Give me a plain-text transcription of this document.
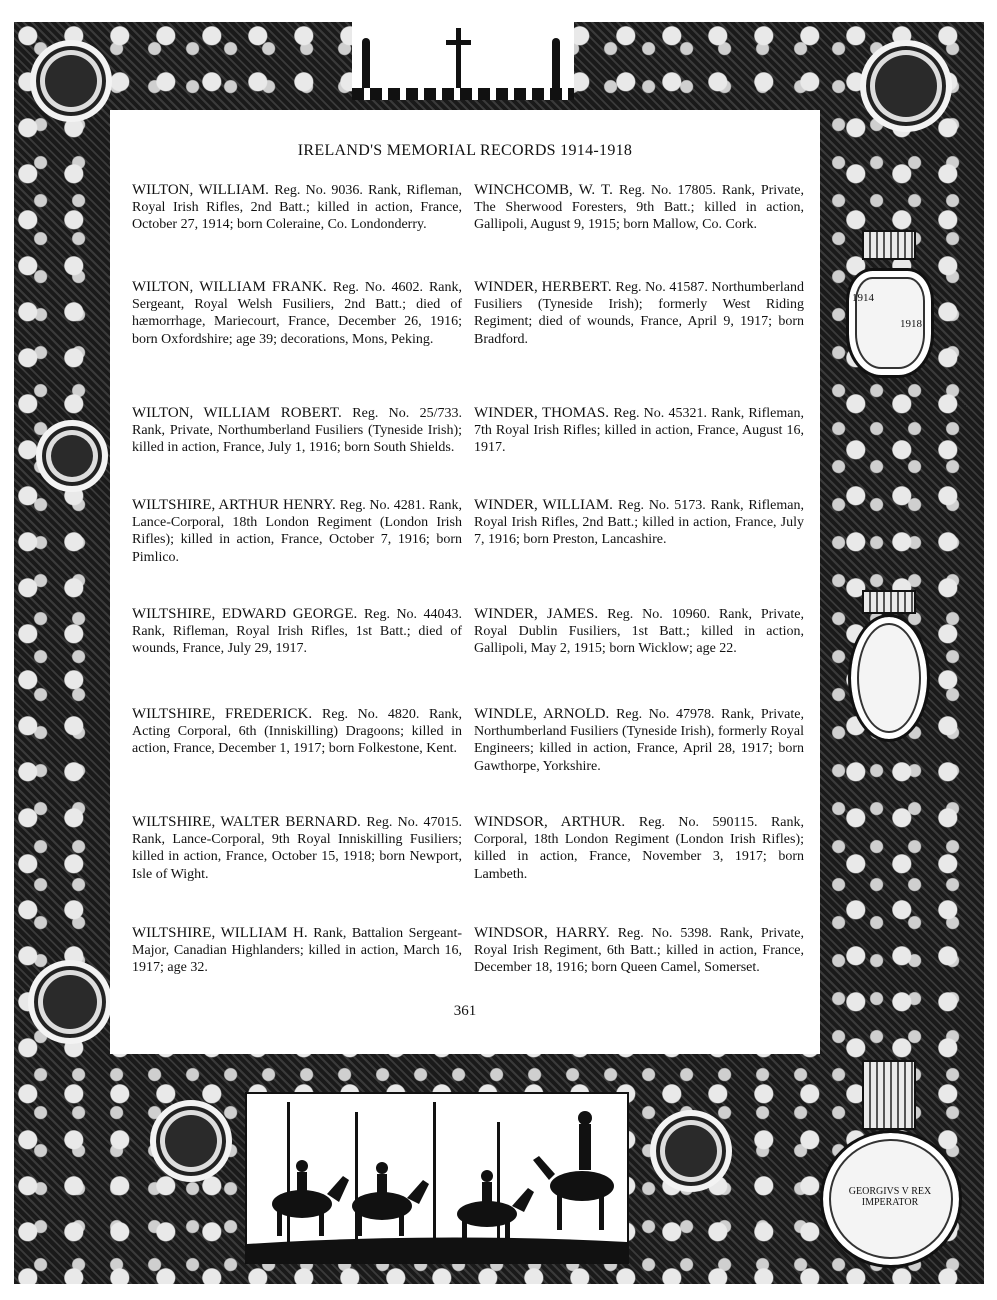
IRELAND'S MEMORIAL RECORDS 1914-1918
WILTON, WILLIAM. Reg. No. 9036. Rank, Rifleman, Royal Irish Rifles, 2nd Batt.; killed in action, France, October 27, 1914; born Coleraine, Co. Londonderry.
WILTON, WILLIAM FRANK. Reg. No. 4602. Rank, Sergeant, Royal Welsh Fusiliers, 2nd Batt.; died of hæmorrhage, Mariecourt, France, December 26, 1916; born Oxfordshire; age 39; decorations, Mons, Peking.
WILTON, WILLIAM ROBERT. Reg. No. 25/733. Rank, Private, Northumberland Fusiliers (Tyneside Irish); killed in action, France, July 1, 1916; born South Shields.
WILTSHIRE, ARTHUR HENRY. Reg. No. 4281. Rank, Lance-Corporal, 18th London Regiment (London Irish Rifles); killed in action, France, October 7, 1916; born Pimlico.
WILTSHIRE, EDWARD GEORGE. Reg. No. 44043. Rank, Rifleman, Royal Irish Rifles, 1st Batt.; died of wounds, France, July 29, 1917.
WILTSHIRE, FREDERICK. Reg. No. 4820. Rank, Acting Corporal, 6th (Inniskilling) Dragoons; killed in action, France, December 1, 1917; born Folkestone, Kent.
WILTSHIRE, WALTER BERNARD. Reg. No. 47015. Rank, Lance-Corporal, 9th Royal Inniskilling Fusiliers; killed in action, France, October 15, 1918; born Newport, Isle of Wight.
WILTSHIRE, WILLIAM H. Rank, Battalion Sergeant-Major, Canadian Highlanders; killed in action, March 16, 1917; age 32.
WINCHCOMB, W. T. Reg. No. 17805. Rank, Private, The Sherwood Foresters, 9th Batt.; killed in action, Gallipoli, August 9, 1915; born Mallow, Co. Cork.
WINDER, HERBERT. Reg. No. 41587. Northumberland Fusiliers (Tyneside Irish); formerly West Riding Regiment; died of wounds, France, April 9, 1917; born Bradford.
WINDER, THOMAS. Reg. No. 45321. Rank, Rifleman, 7th Royal Irish Rifles; killed in action, France, August 16, 1917.
WINDER, WILLIAM. Reg. No. 5173. Rank, Rifleman, Royal Irish Rifles, 2nd Batt.; killed in action, France, July 7, 1916; born Preston, Lancashire.
WINDER, JAMES. Reg. No. 10960. Rank, Private, Royal Dublin Fusiliers, 1st Batt.; killed in action, Gallipoli, May 2, 1915; born Wicklow; age 22.
WINDLE, ARNOLD. Reg. No. 47978. Rank, Private, Northumberland Fusiliers (Tyneside Irish), formerly Royal Engineers; killed in action, France, April 28, 1917; born Gawthorpe, Yorkshire.
WINDSOR, ARTHUR. Reg. No. 590115. Rank, Corporal, 18th London Regiment (London Irish Rifles); killed in action, France, November 3, 1917; born Lambeth.
WINDSOR, HARRY. Reg. No. 5398. Rank, Private, Royal Irish Regiment, 6th Batt.; killed in action, France, December 18, 1916; born Queen Camel, Somerset.
361
1914
1918
GEORGIVS V REX IMPERATOR
